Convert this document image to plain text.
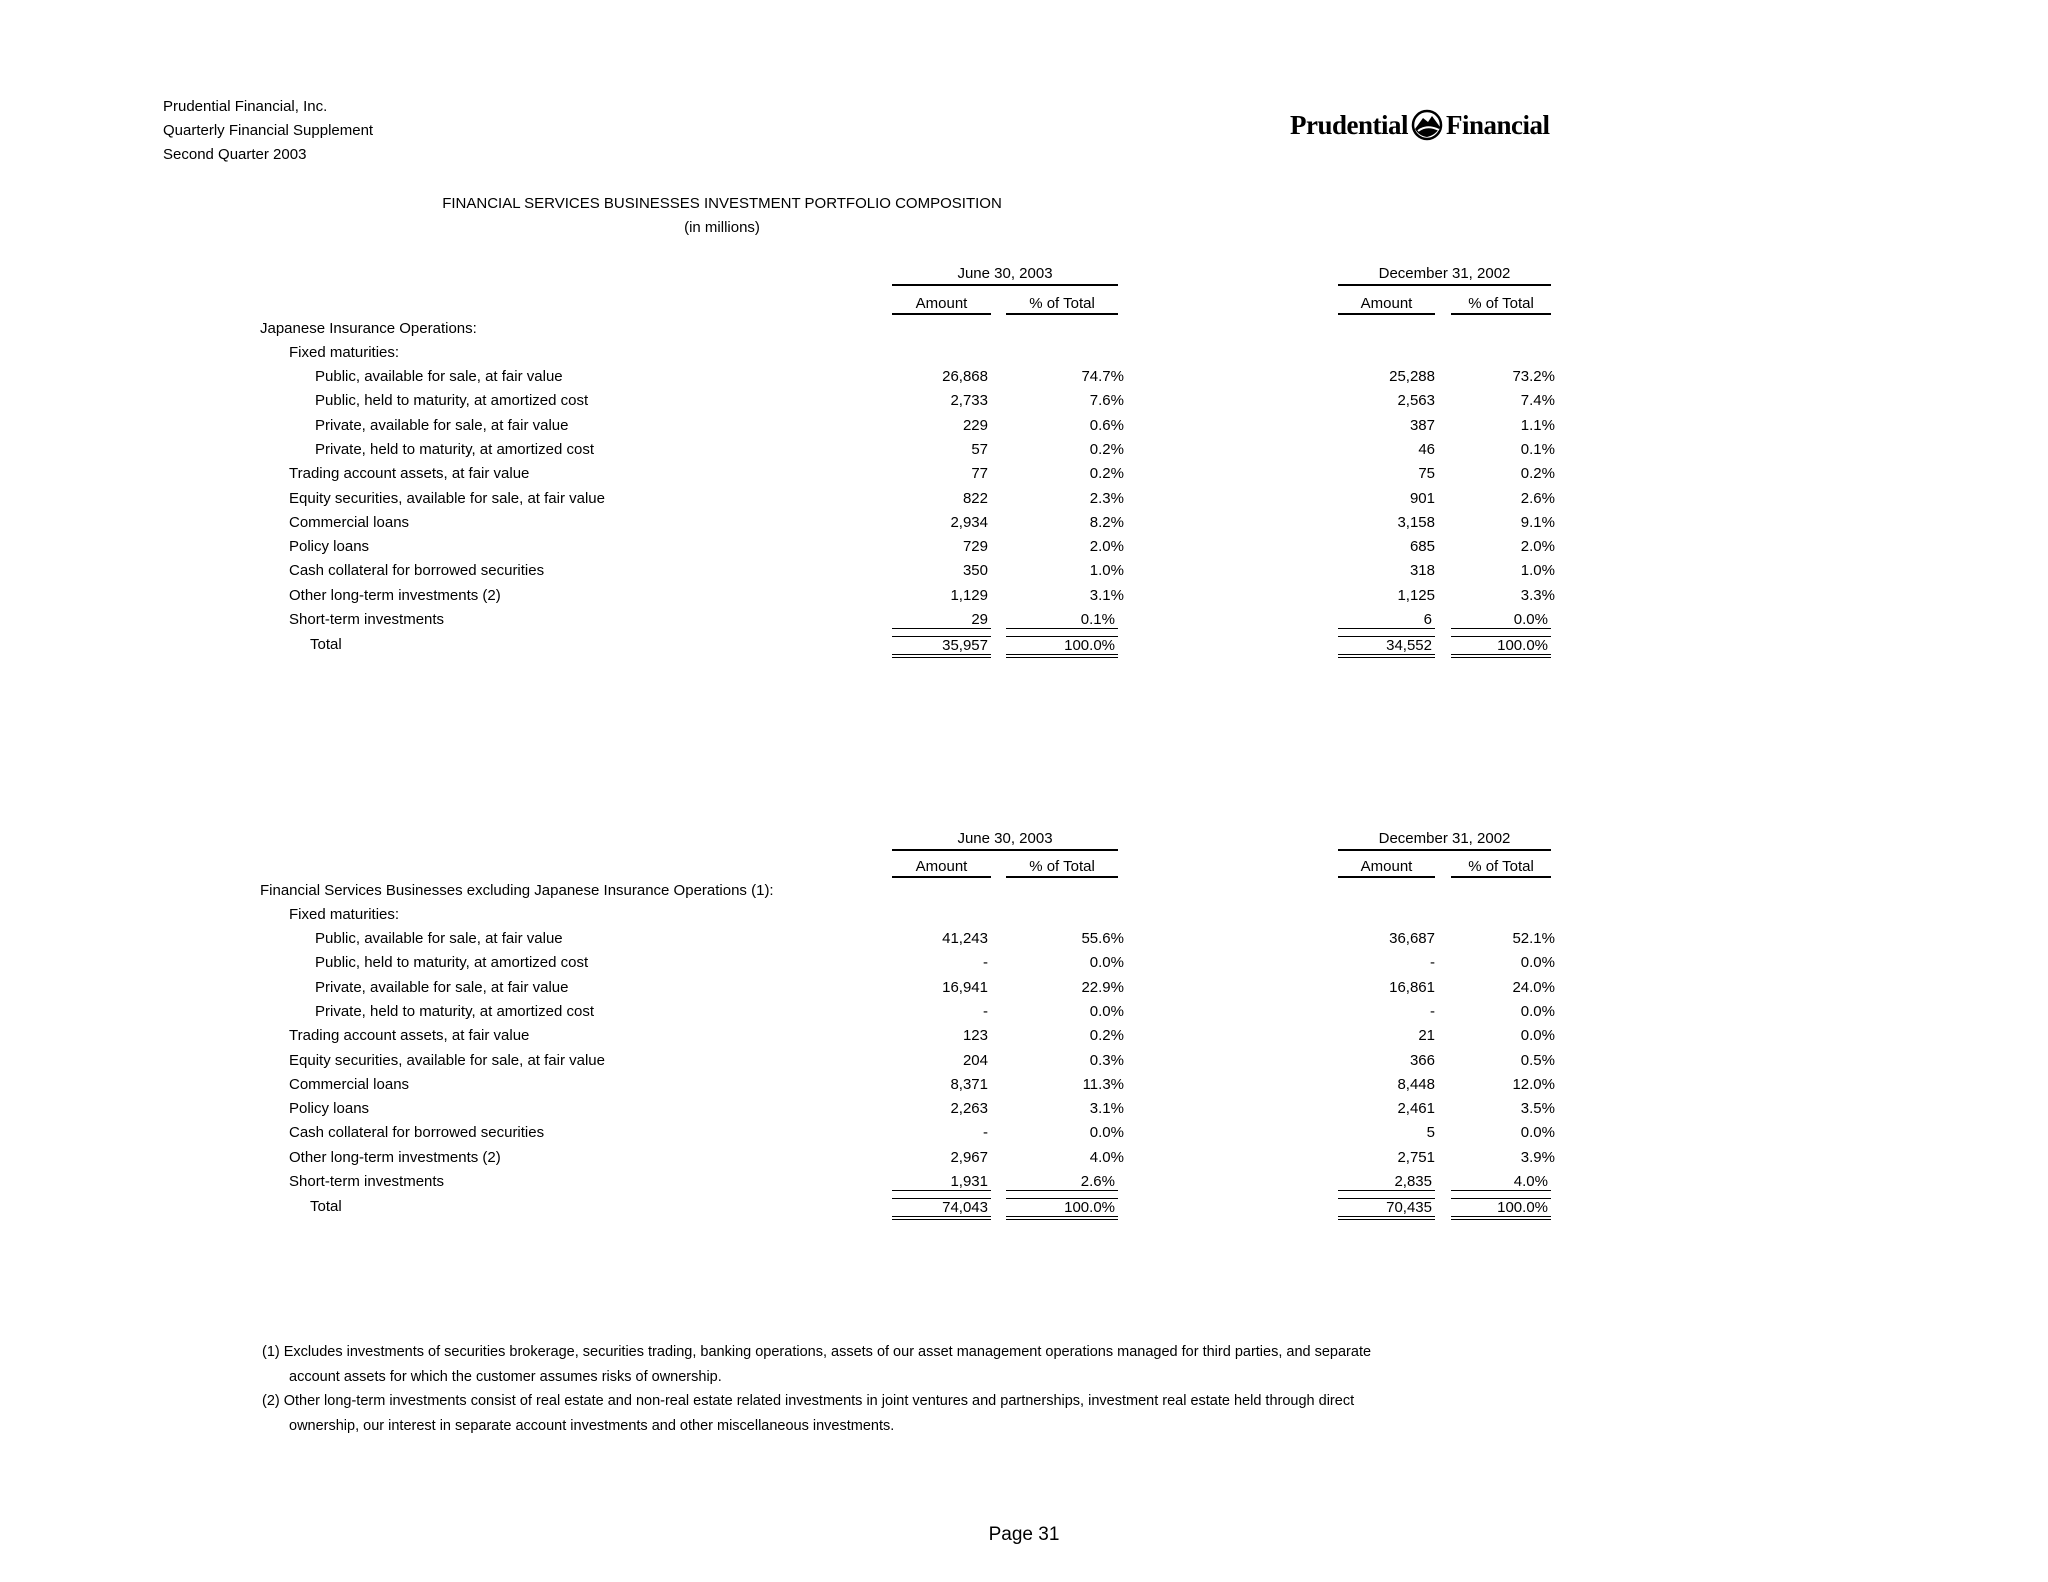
Prudential Financial, Inc.
Quarterly Financial Supplement
Second Quarter 2003
Prudential Financial
FINANCIAL SERVICES BUSINESSES INVESTMENT PORTFOLIO COMPOSITION
(in millions)
June 30, 2003	December 31, 2002
Amount	% of Total	Amount	% of Total
Japanese Insurance Operations:
Fixed maturities:
Public, available for sale, at fair value	26,868	74.7%	25,288	73.2%
Public, held to maturity, at amortized cost	2,733	7.6%	2,563	7.4%
Private, available for sale, at fair value	229	0.6%	387	1.1%
Private, held to maturity, at amortized cost	57	0.2%	46	0.1%
Trading account assets, at fair value	77	0.2%	75	0.2%
Equity securities, available for sale, at fair value	822	2.3%	901	2.6%
Commercial loans	2,934	8.2%	3,158	9.1%
Policy loans	729	2.0%	685	2.0%
Cash collateral for borrowed securities	350	1.0%	318	1.0%
Other long-term investments (2)	1,129	3.1%	1,125	3.3%
Short-term investments	29	0.1%	6	0.0%
Total	35,957	100.0%	34,552	100.0%
June 30, 2003	December 31, 2002
Amount	% of Total	Amount	% of Total
Financial Services Businesses excluding Japanese Insurance Operations (1):
Fixed maturities:
Public, available for sale, at fair value	41,243	55.6%	36,687	52.1%
Public, held to maturity, at amortized cost	-	0.0%	-	0.0%
Private, available for sale, at fair value	16,941	22.9%	16,861	24.0%
Private, held to maturity, at amortized cost	-	0.0%	-	0.0%
Trading account assets, at fair value	123	0.2%	21	0.0%
Equity securities, available for sale, at fair value	204	0.3%	366	0.5%
Commercial loans	8,371	11.3%	8,448	12.0%
Policy loans	2,263	3.1%	2,461	3.5%
Cash collateral for borrowed securities	-	0.0%	5	0.0%
Other long-term investments (2)	2,967	4.0%	2,751	3.9%
Short-term investments	1,931	2.6%	2,835	4.0%
Total	74,043	100.0%	70,435	100.0%
(1) Excludes investments of securities brokerage, securities trading, banking operations, assets of our asset management operations managed for third parties, and separate
account assets for which the customer assumes risks of ownership.
(2) Other long-term investments consist of real estate and non-real estate related investments in joint ventures and partnerships, investment real estate held through direct
ownership, our interest in separate account investments and other miscellaneous investments.
Page 31
